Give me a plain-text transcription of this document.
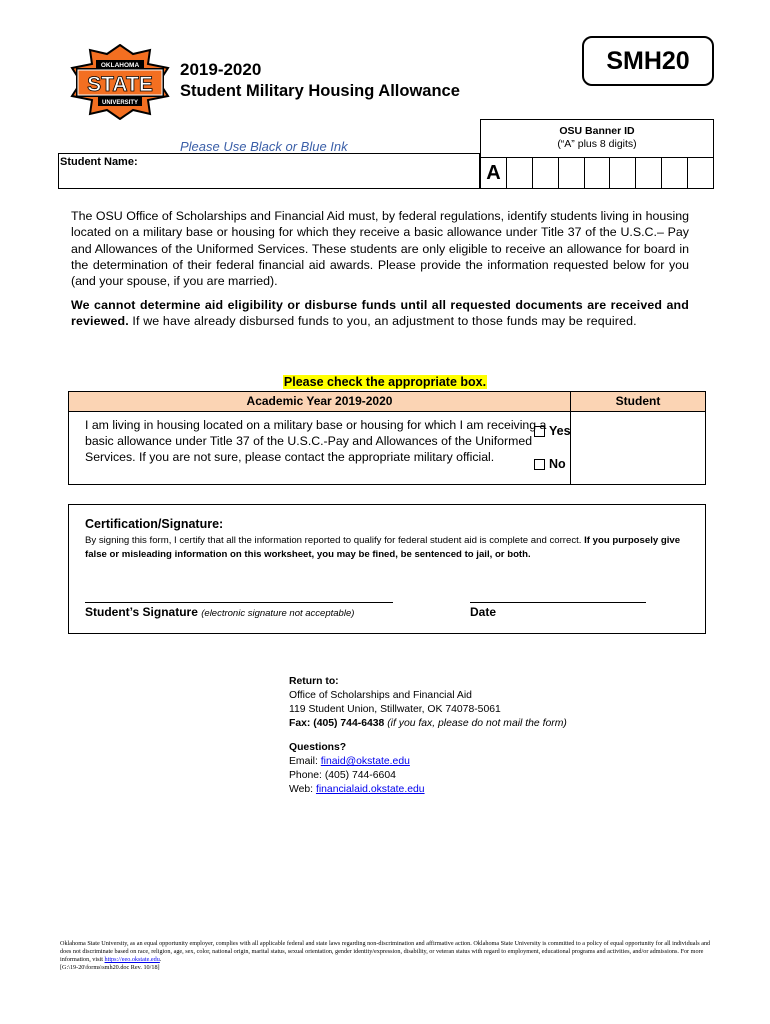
OKLAHOMA
STATE
UNIVERSITY
SMH20
2019-2020
Student Military Housing Allowance
Please Use Black or Blue Ink
Student Name:
OSU Banner ID
(“A” plus 8 digits)
A
The OSU Office of Scholarships and Financial Aid must, by federal regulations, identify students living in housing located on a military base or housing for which they receive a basic allowance under Title 37 of the U.S.C.– Pay and Allowances of the Uniformed Services. These students are only eligible to receive an allowance for board in the determination of their federal financial aid awards. Please provide the information requested below for you (and your spouse, if you are married).
We cannot determine aid eligibility or disburse funds until all requested documents are received and reviewed. If we have already disbursed funds to you, an adjustment to those funds may be required.
Please check the appropriate box.
Academic Year 2019-2020	Student
I am living in housing located on a military base or housing for which I am receiving a basic allowance under Title 37 of the U.S.C.-Pay and Allowances of the Uniformed Services. If you are not sure, please contact the appropriate military official.
Yes
No
Certification/Signature:
By signing this form, I certify that all the information reported to qualify for federal student aid is complete and correct. If you purposely give false or misleading information on this worksheet, you may be fined, be sentenced to jail, or both.
Student’s Signature (electronic signature not acceptable)	Date
Return to:
Office of Scholarships and Financial Aid
119 Student Union, Stillwater, OK 74078-5061
Fax: (405) 744-6438 (if you fax, please do not mail the form)
Questions?
Email: finaid@okstate.edu
Phone: (405) 744-6604
Web: financialaid.okstate.edu
Oklahoma State University, as an equal opportunity employer, complies with all applicable federal and state laws regarding non-discrimination and affirmative action. Oklahoma State University is committed to a policy of equal opportunity for all individuals and does not discriminate based on race, religion, age, sex, color, national origin, marital status, sexual orientation, gender identity/expression, disability, or veteran status with regard to employment, educational programs and activities, and/or admissions. For more information, visit https://eeo.okstate.edu.
[G:\19-20\forms\smh20.doc Rev. 10/18]
